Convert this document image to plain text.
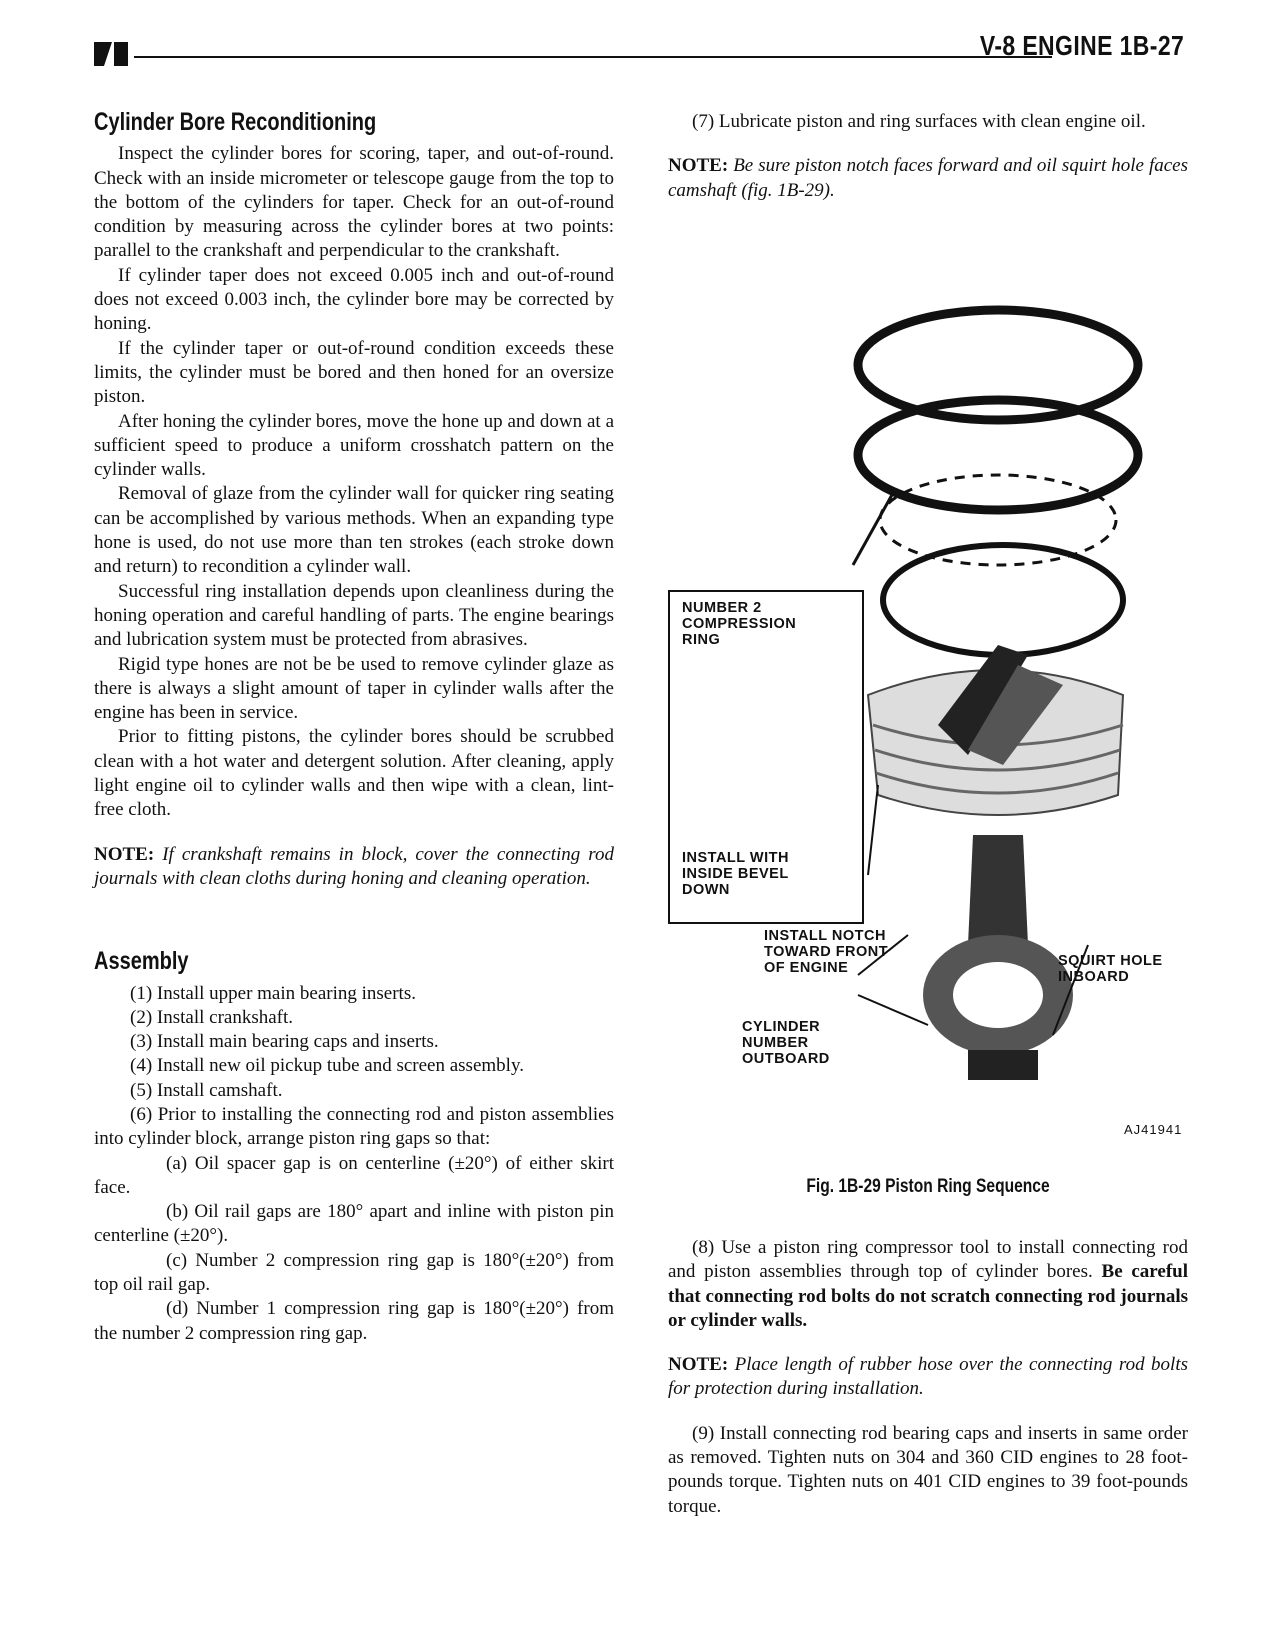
V-8 ENGINE 1B-27
Cylinder Bore Reconditioning

Inspect the cylinder bores for scoring, taper, and out-of-round. Check with an inside micrometer or telescope gauge from the top to the bottom of the cylinders for taper. Check for an out-of-round condition by measuring across the cylinder bores at two points: parallel to the crankshaft and perpendicular to the crankshaft.

If cylinder taper does not exceed 0.005 inch and out-of-round does not exceed 0.003 inch, the cylinder bore may be corrected by honing.

If the cylinder taper or out-of-round condition exceeds these limits, the cylinder must be bored and then honed for an oversize piston.

After honing the cylinder bores, move the hone up and down at a sufficient speed to produce a uniform crosshatch pattern on the cylinder walls.

Removal of glaze from the cylinder wall for quicker ring seating can be accomplished by various methods. When an expanding type hone is used, do not use more than ten strokes (each stroke down and return) to recondition a cylinder wall.

Successful ring installation depends upon cleanliness during the honing operation and careful handling of parts. The engine bearings and lubrication system must be protected from abrasives.

Rigid type hones are not be be used to remove cylinder glaze as there is always a slight amount of taper in cylinder walls after the engine has been in service.

Prior to fitting pistons, the cylinder bores should be scrubbed clean with a hot water and detergent solution. After cleaning, apply light engine oil to cylinder walls and then wipe with a clean, lint-free cloth.

NOTE: If crankshaft remains in block, cover the connecting rod journals with clean cloths during honing and cleaning operation.

Assembly

(1) Install upper main bearing inserts.

(2) Install crankshaft.

(3) Install main bearing caps and inserts.

(4) Install new oil pickup tube and screen assembly.

(5) Install camshaft.

(6) Prior to installing the connecting rod and piston assemblies into cylinder block, arrange piston ring gaps so that:

(a) Oil spacer gap is on centerline (±20°) of either skirt face.

(b) Oil rail gaps are 180° apart and inline with piston pin centerline (±20°).

(c) Number 2 compression ring gap is 180°(±20°) from top oil rail gap.

(d) Number 1 compression ring gap is 180°(±20°) from the number 2 compression ring gap.

(7) Lubricate piston and ring surfaces with clean engine oil.

NOTE: Be sure piston notch faces forward and oil squirt hole faces camshaft (fig. 1B-29).

NUMBER 2
COMPRESSION
RING
INSTALL WITH
INSIDE BEVEL
DOWN
INSTALL NOTCH
TOWARD FRONT
OF ENGINE	SQUIRT HOLE
INBOARD
CYLINDER
NUMBER
OUTBOARD
AJ41941
Fig. 1B-29 Piston Ring Sequence

(8) Use a piston ring compressor tool to install connecting rod and piston assemblies through top of cylinder bores. Be careful that connecting rod bolts do not scratch connecting rod journals or cylinder walls.

NOTE: Place length of rubber hose over the connecting rod bolts for protection during installation.

(9) Install connecting rod bearing caps and inserts in same order as removed. Tighten nuts on 304 and 360 CID engines to 28 foot-pounds torque. Tighten nuts on 401 CID engines to 39 foot-pounds torque.
